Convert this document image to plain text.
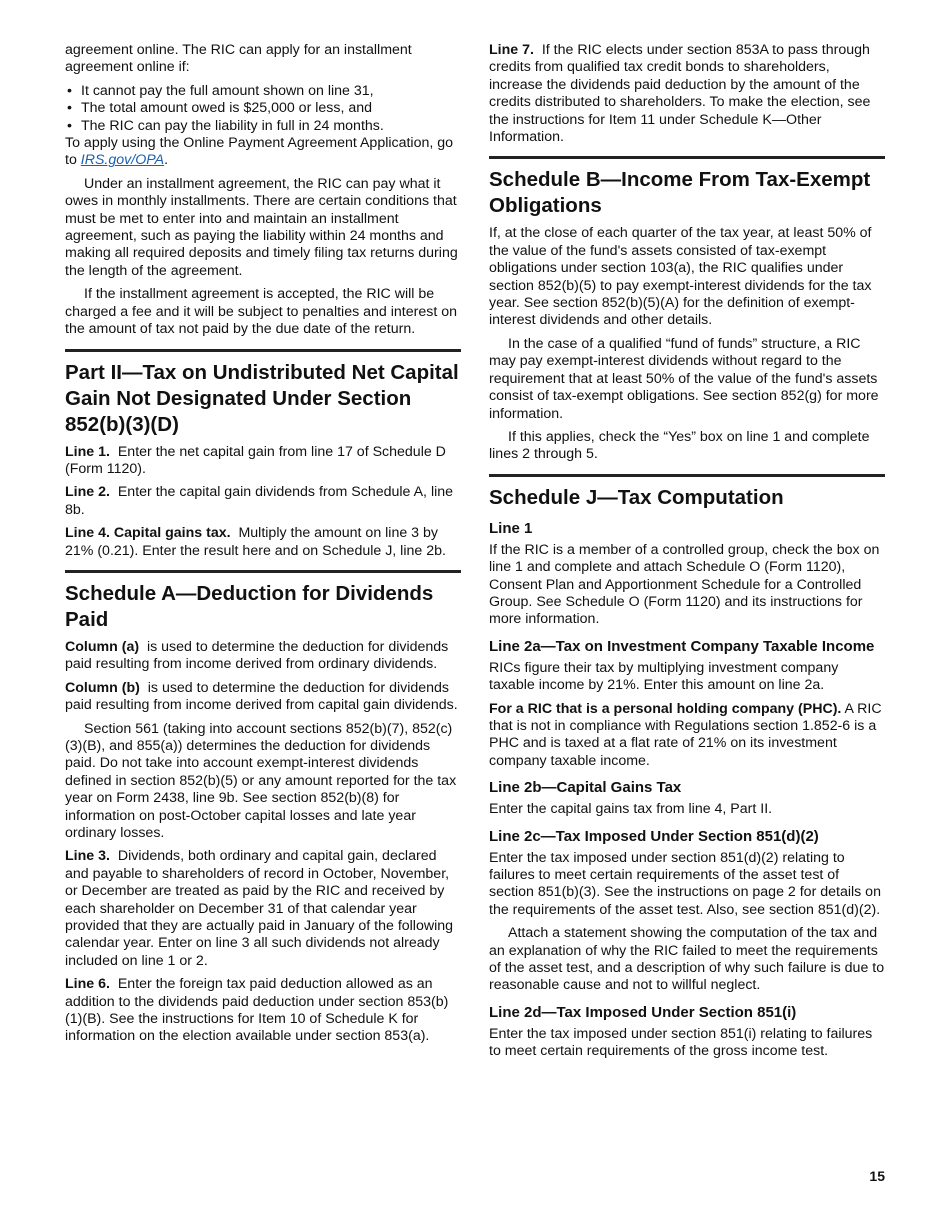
agreement online. The RIC can apply for an installment agreement online if:

• It cannot pay the full amount shown on line 31,
• The total amount owed is $25,000 or less, and
• The RIC can pay the liability in full in 24 months.

To apply using the Online Payment Agreement Application, go to IRS.gov/OPA.

Under an installment agreement, the RIC can pay what it owes in monthly installments. There are certain conditions that must be met to enter into and maintain an installment agreement, such as paying the liability within 24 months and making all required deposits and timely filing tax returns during the length of the agreement.

If the installment agreement is accepted, the RIC will be charged a fee and it will be subject to penalties and interest on the amount of tax not paid by the due date of the return.

Part II—Tax on Undistributed Net Capital Gain Not Designated Under Section 852(b)(3)(D)

Line 1. Enter the net capital gain from line 17 of Schedule D (Form 1120).

Line 2. Enter the capital gain dividends from Schedule A, line 8b.

Line 4. Capital gains tax. Multiply the amount on line 3 by 21% (0.21). Enter the result here and on Schedule J, line 2b.

Schedule A—Deduction for Dividends Paid

Column (a) is used to determine the deduction for dividends paid resulting from income derived from ordinary dividends.

Column (b) is used to determine the deduction for dividends paid resulting from income derived from capital gain dividends.

Section 561 (taking into account sections 852(b)(7), 852(c)(3)(B), and 855(a)) determines the deduction for dividends paid. Do not take into account exempt-interest dividends defined in section 852(b)(5) or any amount reported for the tax year on Form 2438, line 9b. See section 852(b)(8) for information on post-October capital losses and late year ordinary losses.

Line 3. Dividends, both ordinary and capital gain, declared and payable to shareholders of record in October, November, or December are treated as paid by the RIC and received by each shareholder on December 31 of that calendar year provided that they are actually paid in January of the following calendar year. Enter on line 3 all such dividends not already included on line 1 or 2.

Line 6. Enter the foreign tax paid deduction allowed as an addition to the dividends paid deduction under section 853(b)(1)(B). See the instructions for Item 10 of Schedule K for information on the election available under section 853(a).

Line 7. If the RIC elects under section 853A to pass through credits from qualified tax credit bonds to shareholders, increase the dividends paid deduction by the amount of the credits distributed to shareholders. To make the election, see the instructions for Item 11 under Schedule K—Other Information.

Schedule B—Income From Tax-Exempt Obligations

If, at the close of each quarter of the tax year, at least 50% of the value of the fund's assets consisted of tax-exempt obligations under section 103(a), the RIC qualifies under section 852(b)(5) to pay exempt-interest dividends for the tax year. See section 852(b)(5)(A) for the definition of exempt-interest dividends and other details.

In the case of a qualified “fund of funds” structure, a RIC may pay exempt-interest dividends without regard to the requirement that at least 50% of the value of the fund's assets consist of tax-exempt obligations. See section 852(g) for more information.

If this applies, check the “Yes” box on line 1 and complete lines 2 through 5.

Schedule J—Tax Computation
Line 1

If the RIC is a member of a controlled group, check the box on line 1 and complete and attach Schedule O (Form 1120), Consent Plan and Apportionment Schedule for a Controlled Group. See Schedule O (Form 1120) and its instructions for more information.

Line 2a—Tax on Investment Company Taxable Income

RICs figure their tax by multiplying investment company taxable income by 21%. Enter this amount on line 2a.

For a RIC that is a personal holding company (PHC). A RIC that is not in compliance with Regulations section 1.852-6 is a PHC and is taxed at a flat rate of 21% on its investment company taxable income.

Line 2b—Capital Gains Tax

Enter the capital gains tax from line 4, Part II.

Line 2c—Tax Imposed Under Section 851(d)(2)

Enter the tax imposed under section 851(d)(2) relating to failures to meet certain requirements of the asset test of section 851(b)(3). See the instructions on page 2 for details on the requirements of the asset test. Also, see section 851(d)(2).

Attach a statement showing the computation of the tax and an explanation of why the RIC failed to meet the requirements of the asset test, and a description of why such failure is due to reasonable cause and not to willful neglect.

Line 2d—Tax Imposed Under Section 851(i)

Enter the tax imposed under section 851(i) relating to failures to meet certain requirements of the gross income test.

15
